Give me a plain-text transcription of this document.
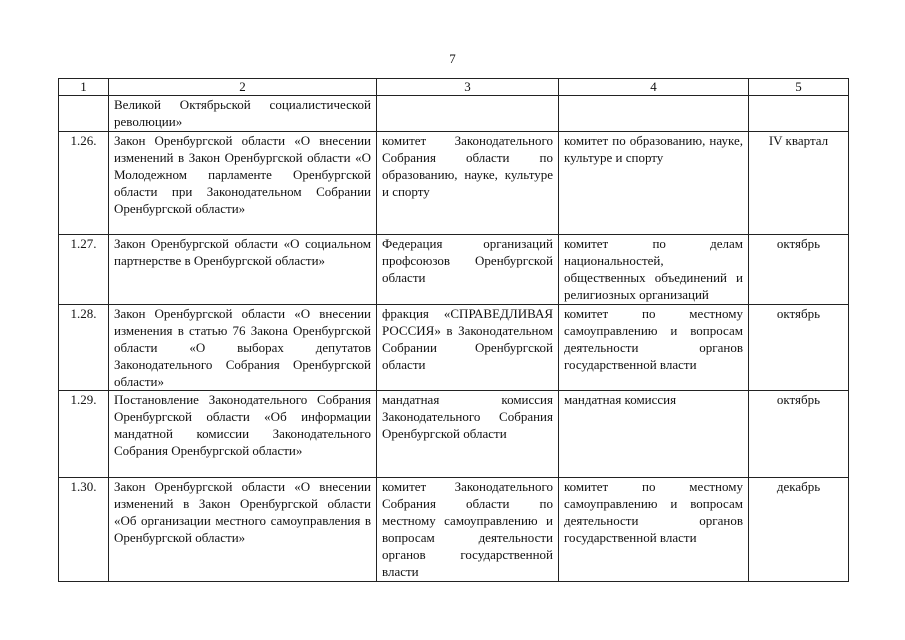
7
1	2	3	4	5
	Великой Октябрьской социалистической революции»			
1.26.	Закон Оренбургской области «О внесении изменений в Закон Оренбургской области «О Молодежном парламенте Оренбургской области при Законодательном Собрании Оренбургской области»	комитет Законодательного Собрания области по образованию, науке, культуре и спорту	комитет по образованию, науке, культуре и спорту	IV квартал
1.27.	Закон Оренбургской области «О социальном партнерстве в Оренбургской области»	Федерация организаций профсоюзов Оренбургской области	комитет по делам национальностей, общественных объединений и религиозных организаций	октябрь
1.28.	Закон Оренбургской области «О внесении изменения в статью 76 Закона Оренбургской области «О выборах депутатов Законодательного Собрания Оренбургской области»	фракция «СПРАВЕДЛИВАЯ РОССИЯ» в Законодательном Собрании Оренбургской области	комитет по местному самоуправлению и вопросам деятельности органов государственной власти	октябрь
1.29.	Постановление Законодательного Собрания Оренбургской области «Об информации мандатной комиссии Законодательного Собрания Оренбургской области»	мандатная комиссия Законодательного Собрания Оренбургской области	мандатная комиссия	октябрь
1.30.	Закон Оренбургской области «О внесении изменений в Закон Оренбургской области «Об организации местного самоуправления в Оренбургской области»	комитет Законодательного Собрания области по местному самоуправлению и вопросам деятельности органов государственной власти	комитет по местному самоуправлению и вопросам деятельности органов государственной власти	декабрь
